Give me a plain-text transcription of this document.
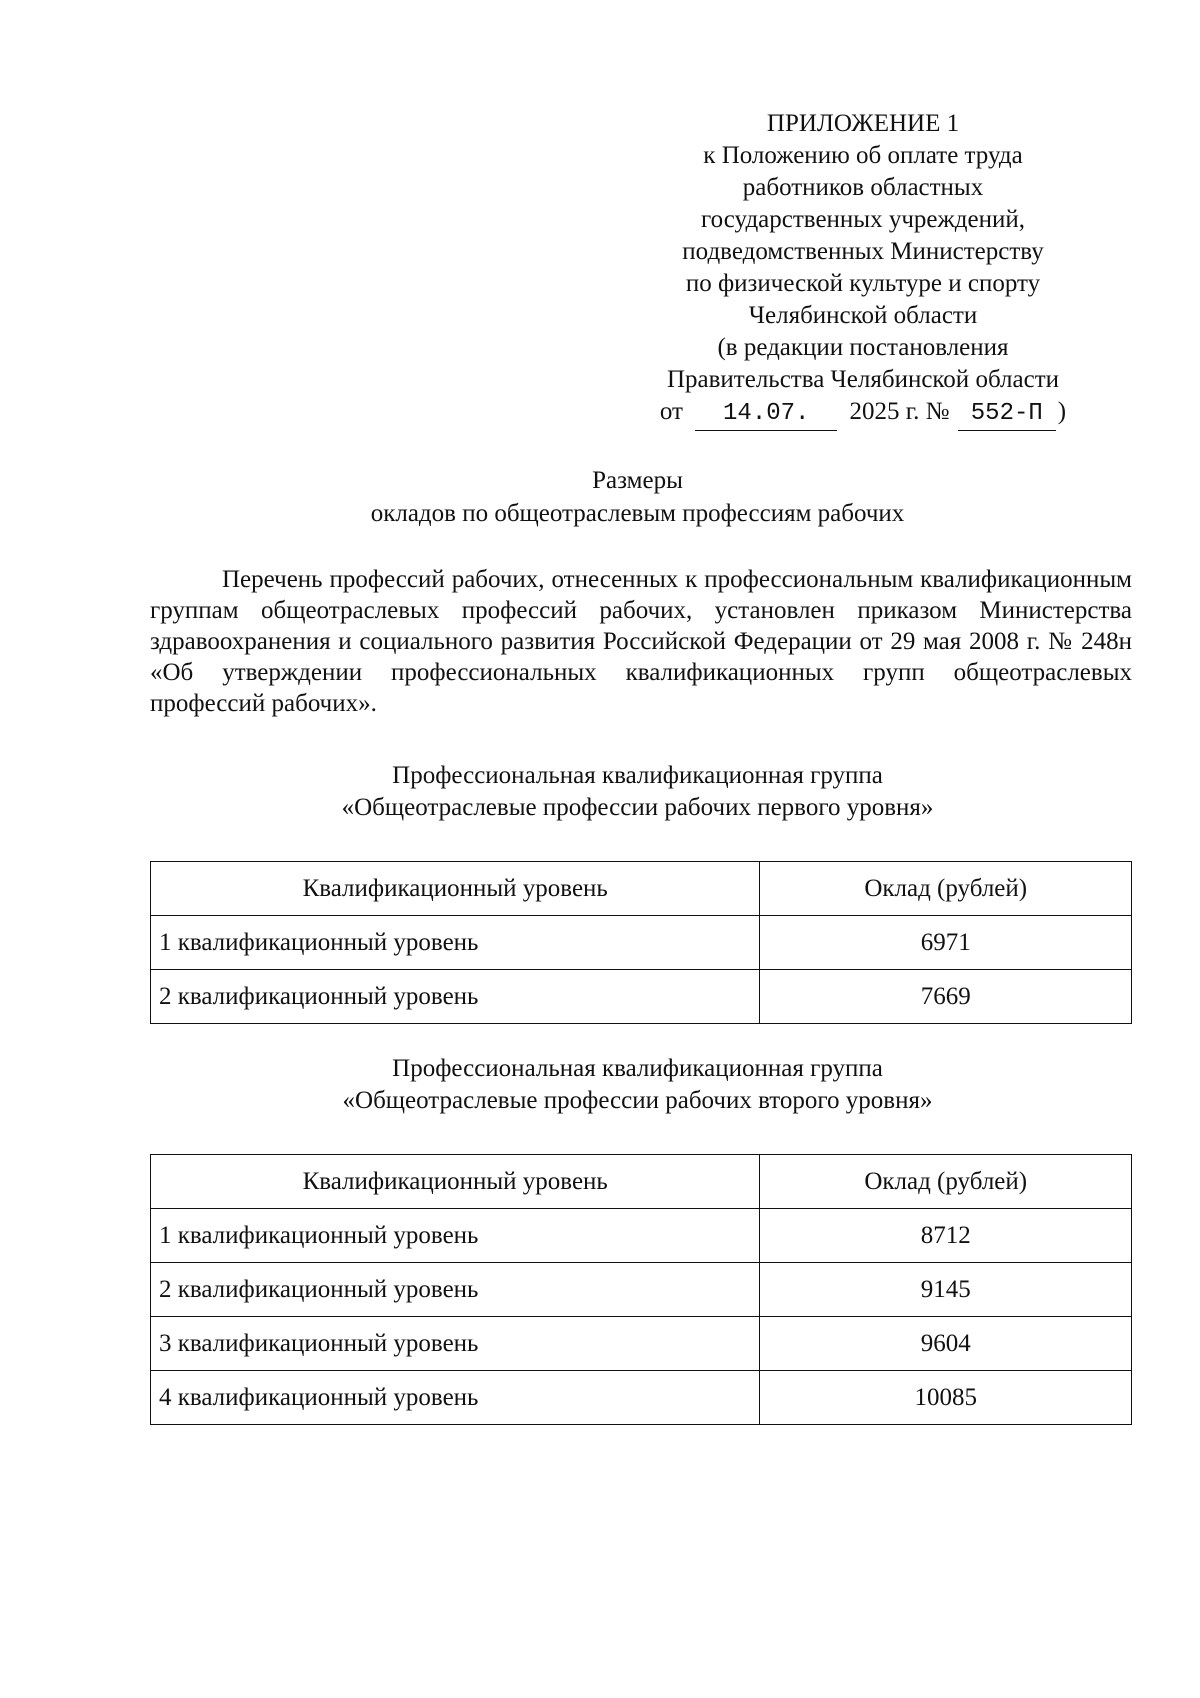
ПРИЛОЖЕНИЕ 1
к Положению об оплате труда
работников областных
государственных учреждений,
подведомственных Министерству
по физической культуре и спорту
Челябинской области
(в редакции постановления
Правительства Челябинской области
от 14.07. 2025 г. № 552-П )
Размеры
окладов по общеотраслевым профессиям рабочих

Перечень профессий рабочих, отнесенных к профессиональным квалификационным группам общеотраслевых профессий рабочих, установлен приказом Министерства здравоохранения и социального развития Российской Федерации от 29 мая 2008 г. № 248н «Об утверждении профессиональных квалификационных групп общеотраслевых профессий рабочих».

Профессиональная квалификационная группа
«Общеотраслевые профессии рабочих первого уровня»
Квалификационный уровень	Оклад (рублей)
1 квалификационный уровень	6971
2 квалификационный уровень	7669
Профессиональная квалификационная группа
«Общеотраслевые профессии рабочих второго уровня»
Квалификационный уровень	Оклад (рублей)
1 квалификационный уровень	8712
2 квалификационный уровень	9145
3 квалификационный уровень	9604
4 квалификационный уровень	10085
